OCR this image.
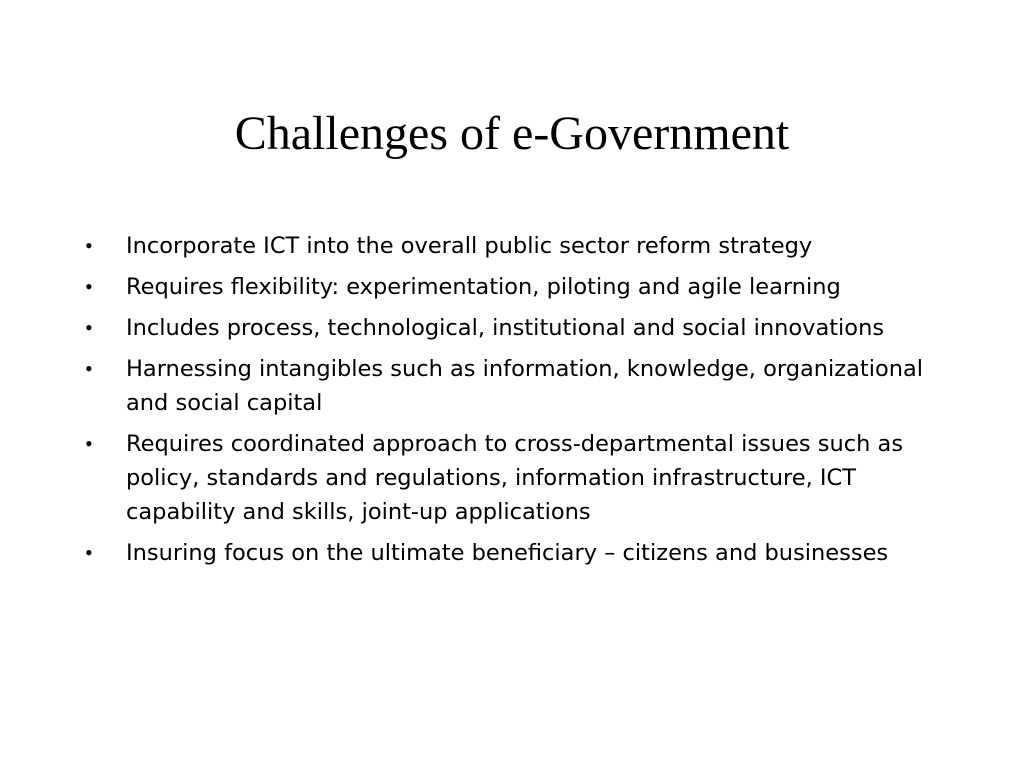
Challenges of e-Government
•	Incorporate ICT into the overall public sector reform strategy
•	Requires flexibility: experimentation, piloting and agile learning
•	Includes process, technological, institutional and social innovations
•	Harnessing intangibles such as information, knowledge, organizational and social capital
•	Requires coordinated approach to cross-departmental issues such as policy, standards and regulations, information infrastructure, ICT capability and skills, joint-up applications
•	Insuring focus on the ultimate beneficiary – citizens and businesses
